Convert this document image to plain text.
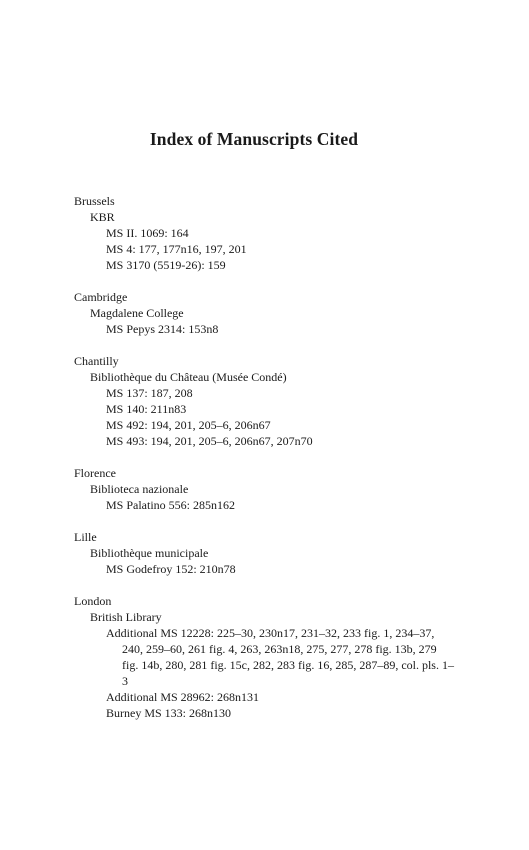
Index of Manuscripts Cited
Brussels
KBR
MS II. 1069: 164
MS 4: 177, 177n16, 197, 201
MS 3170 (5519-26): 159
Cambridge
Magdalene College
MS Pepys 2314: 153n8
Chantilly
Bibliothèque du Château (Musée Condé)
MS 137: 187, 208
MS 140: 211n83
MS 492: 194, 201, 205–6, 206n67
MS 493: 194, 201, 205–6, 206n67, 207n70
Florence
Biblioteca nazionale
MS Palatino 556: 285n162
Lille
Bibliothèque municipale
MS Godefroy 152: 210n78
London
British Library
Additional MS 12228: 225–30, 230n17, 231–32, 233 fig. 1, 234–37, 240, 259–60, 261 fig. 4, 263, 263n18, 275, 277, 278 fig. 13b, 279 fig. 14b, 280, 281 fig. 15c, 282, 283 fig. 16, 285, 287–89, col. pls. 1–3
Additional MS 28962: 268n131
Burney MS 133: 268n130
